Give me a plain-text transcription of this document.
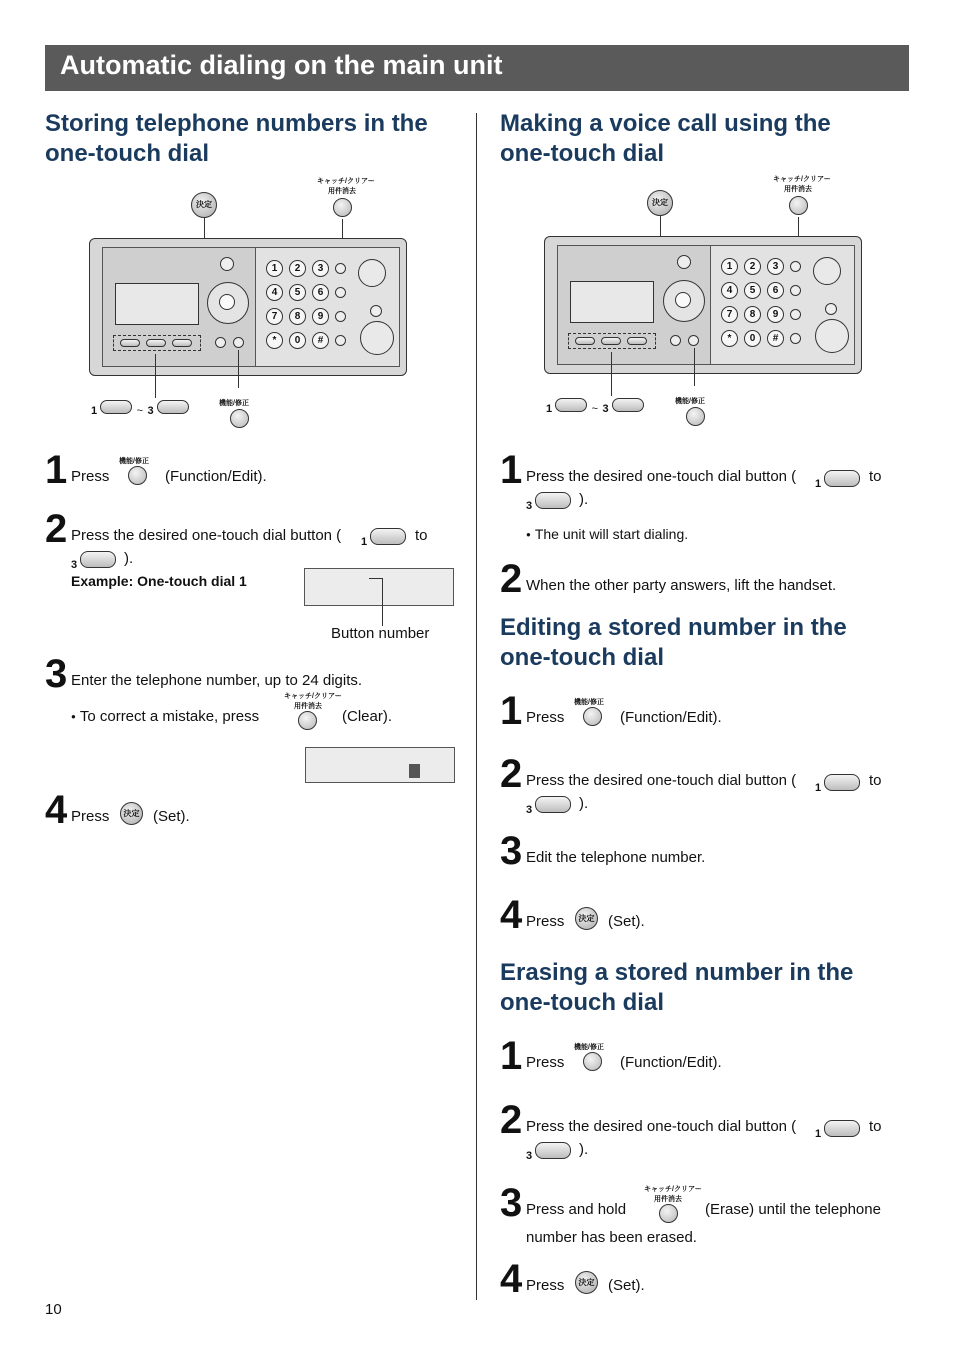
Automatic dialing on the main unit
Storing telephone numbers in the
one-touch dial
決定
キャッチ/クリアー
用件消去
1	2	3
4	5	6
7	8	9
*	0	#
1	~ 3
機能/修正
1 Press
機能/修正
(Function/Edit).
2 Press the desired one-touch dial button ( 1	to
3	).
Example: One-touch dial 1
Button number
3 Enter the telephone number, up to 24 digits.
● To correct a mistake, press
キャッチ/クリアー
用件消去
(Clear).
4 Press	決定 (Set).
Making a voice call using the
one-touch dial
決定
キャッチ/クリアー
用件消去
1	2	3
4	5	6
7	8	9
*	0	#
1	~ 3
機能/修正
1 Press the desired one-touch dial button ( 1	to
3	).
● The unit will start dialing.
2 When the other party answers, lift the handset.
Editing a stored number in the
one-touch dial
1 Press
機能/修正
(Function/Edit).
2 Press the desired one-touch dial button ( 1	to
3	).
3 Edit the telephone number.
4 Press	決定 (Set).
Erasing a stored number in the
one-touch dial
1 Press
機能/修正
(Function/Edit).
2 Press the desired one-touch dial button ( 1	to
3	).
3 Press and hold
キャッチ/クリアー
用件消去
(Erase) until the telephone
number has been erased.
4 Press	決定 (Set).
10
